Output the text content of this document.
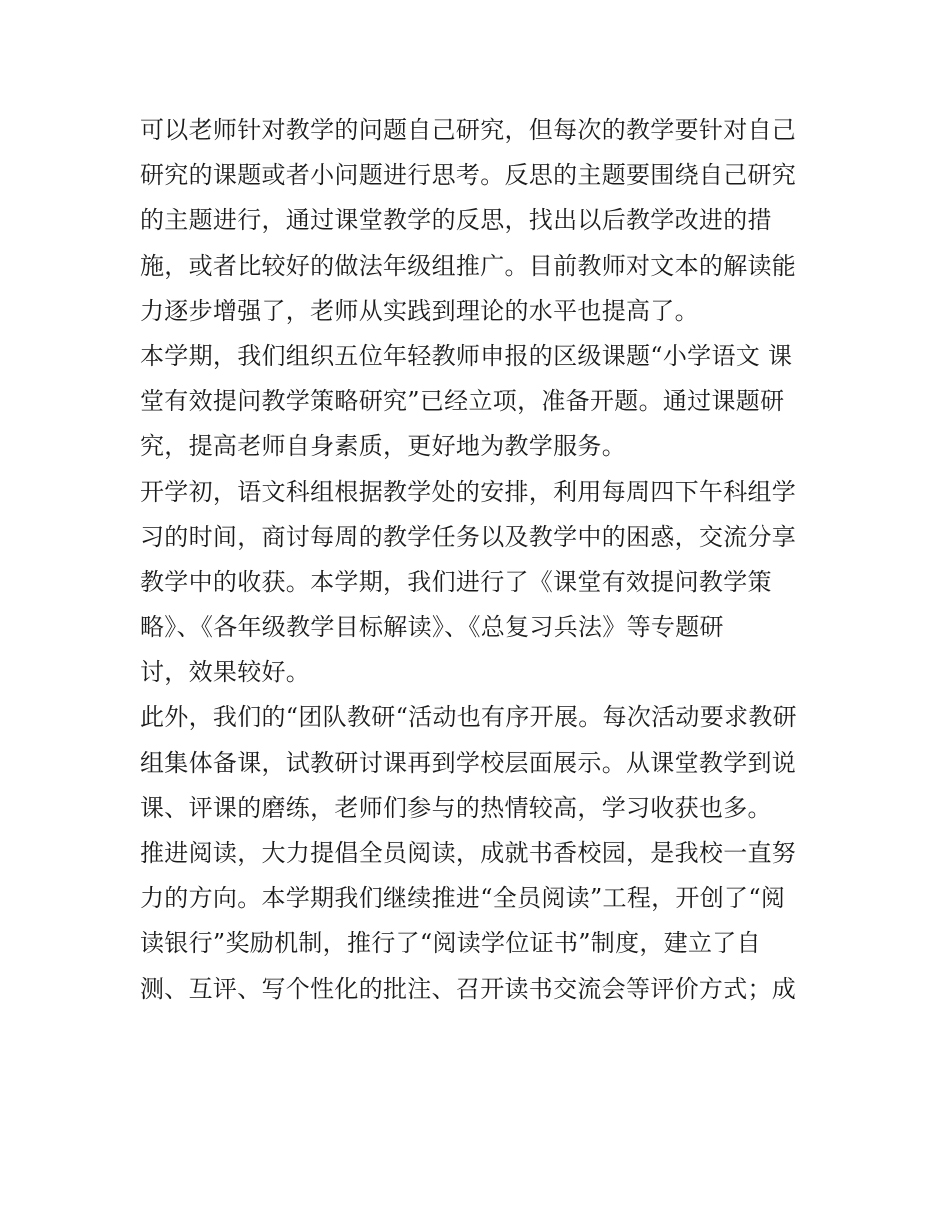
可以老师针对教学的问题自己研究，但每次的教学要针对自己
研究的课题或者小问题进行思考。反思的主题要围绕自己研究
的主题进行，通过课堂教学的反思，找出以后教学改进的措
施，或者比较好的做法年级组推广。目前教师对文本的解读能
力逐步增强了，老师从实践到理论的水平也提高了。
本学期，我们组织五位年轻教师申报的区级课题“小学语文 课
堂有效提问教学策略研究”已经立项，准备开题。通过课题研
究，提高老师自身素质，更好地为教学服务。
开学初，语文科组根据教学处的安排，利用每周四下午科组学
习的时间，商讨每周的教学任务以及教学中的困惑，交流分享
教学中的收获。本学期，我们进行了《课堂有效提问教学策
略》、《各年级教学目标解读》、《总复习兵法》等专题研
讨，效果较好。
此外，我们的“团队教研“活动也有序开展。每次活动要求教研
组集体备课，试教研讨课再到学校层面展示。从课堂教学到说
课、评课的磨练，老师们参与的热情较高，学习收获也多。
推进阅读，大力提倡全员阅读，成就书香校园，是我校一直努
力的方向。本学期我们继续推进“全员阅读”工程，开创了“阅
读银行”奖励机制，推行了“阅读学位证书”制度，建立了自
测、互评、写个性化的批注、召开读书交流会等评价方式；成
